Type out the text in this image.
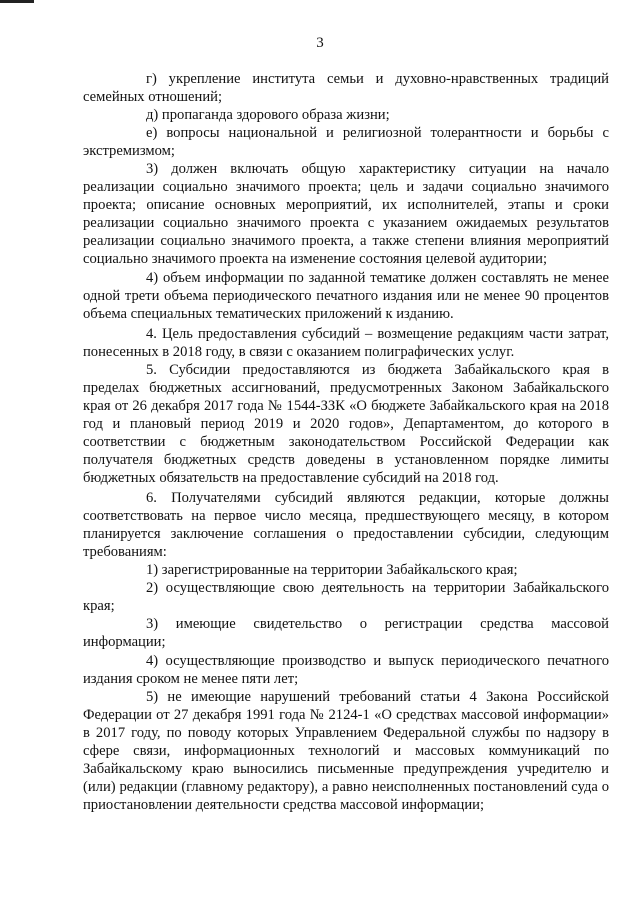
3

г) укрепление института семьи и духовно-нравственных традиций семейных отношений;

д) пропаганда здорового образа жизни;

е) вопросы национальной и религиозной толерантности и борьбы с экстремизмом;

3) должен включать общую характеристику ситуации на начало реализации социально значимого проекта; цель и задачи социально значимого проекта; описание основных мероприятий, их исполнителей, этапы и сроки реализации социально значимого проекта с указанием ожидаемых результатов реализации социально значимого проекта, а также степени влияния мероприятий социально значимого проекта на изменение состояния целевой аудитории;

4) объем информации по заданной тематике должен составлять не менее одной трети объема периодического печатного издания или не менее 90 процентов объема специальных тематических приложений к изданию.

4. Цель предоставления субсидий – возмещение редакциям части затрат, понесенных в 2018 году, в связи с оказанием полиграфических услуг.

5. Субсидии предоставляются из бюджета Забайкальского края в пределах бюджетных ассигнований, предусмотренных Законом Забайкальского края от 26 декабря 2017 года № 1544-ЗЗК «О бюджете Забайкальского края на 2018 год и плановый период 2019 и 2020 годов», Департаментом, до которого в соответствии с бюджетным законодательством Российской Федерации как получателя бюджетных средств доведены в установленном порядке лимиты бюджетных обязательств на предоставление субсидий на 2018 год.

6. Получателями субсидий являются редакции, которые должны соответствовать на первое число месяца, предшествующего месяцу, в котором планируется заключение соглашения о предоставлении субсидии, следующим требованиям:

1) зарегистрированные на территории Забайкальского края;

2) осуществляющие свою деятельность на территории Забайкальского края;

3) имеющие свидетельство о регистрации средства массовой информации;

4) осуществляющие производство и выпуск периодического печатного издания сроком не менее пяти лет;

5) не имеющие нарушений требований статьи 4 Закона Российской Федерации от 27 декабря 1991 года № 2124-1 «О средствах массовой информации» в 2017 году, по поводу которых Управлением Федеральной службы по надзору в сфере связи, информационных технологий и массовых коммуникаций по Забайкальскому краю выносились письменные предупреждения учредителю и (или) редакции (главному редактору), а равно неисполненных постановлений суда о приостановлении деятельности средства массовой информации;
